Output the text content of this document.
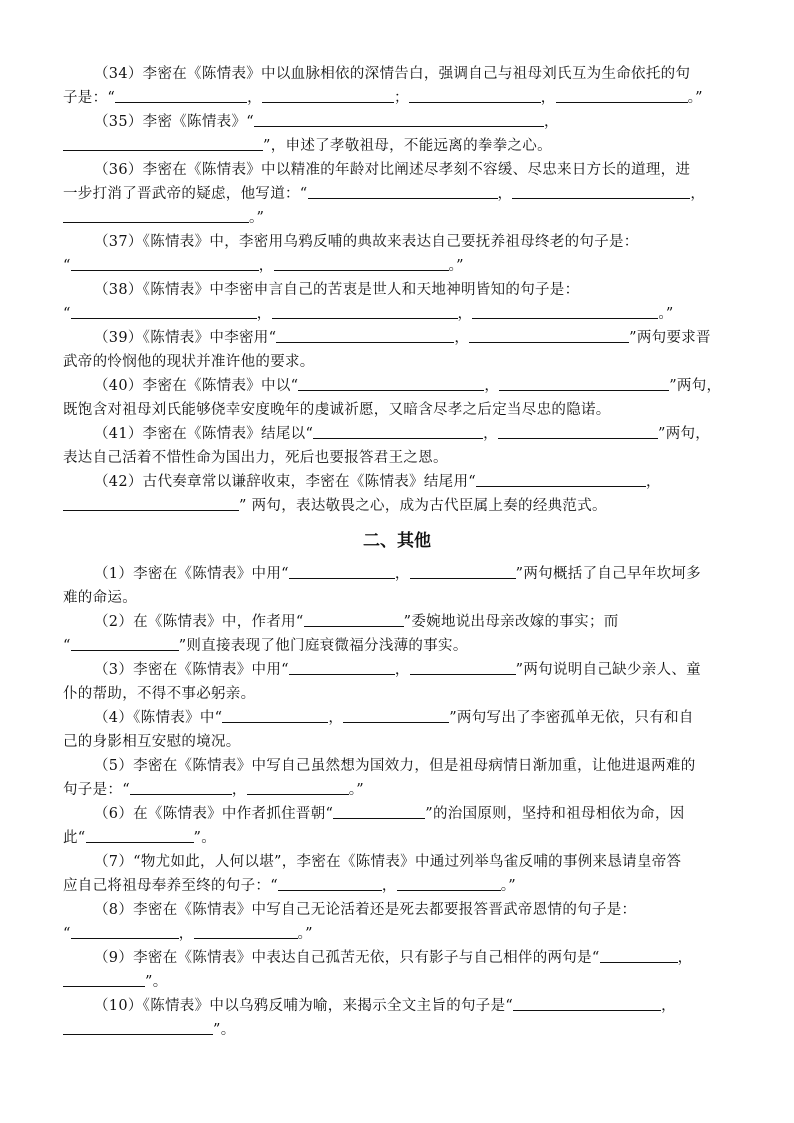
（34）李密在《陈情表》中以血脉相依的深情告白，强调自己与祖母刘氏互为生命依托的句
子是：“	，	；	，	。”
（35）李密《陈情表》“	，
”，申述了孝敬祖母，不能远离的拳拳之心。
（36）李密在《陈情表》中以精准的年龄对比阐述尽孝刻不容缓、尽忠来日方长的道理，进
一步打消了晋武帝的疑虑，他写道：“	，	，
。”
（37）《陈情表》中，李密用乌鸦反哺的典故来表达自己要抚养祖母终老的句子是：
“	，	。”
（38）《陈情表》中李密申言自己的苦衷是世人和天地神明皆知的句子是：
“	，	，	。”
（39）《陈情表》中李密用“	，	”两句要求晋
武帝的怜悯他的现状并准许他的要求。
（40）李密在《陈情表》中以“	，	”两句，
既饱含对祖母刘氏能够侥幸安度晚年的虔诚祈愿，又暗含尽孝之后定当尽忠的隐诺。
（41）李密在《陈情表》结尾以“	，	”两句，
表达自己活着不惜性命为国出力，死后也要报答君王之恩。
（42）古代奏章常以谦辞收束，李密在《陈情表》结尾用“	，
” 两句，表达敬畏之心，成为古代臣属上奏的经典范式。
二、其他
（1）李密在《陈情表》中用“	，	”两句概括了自己早年坎坷多
难的命运。
（2）在《陈情表》中，作者用“	”委婉地说出母亲改嫁的事实；而
“	”则直接表现了他门庭衰微福分浅薄的事实。
（3）李密在《陈情表》中用“	，	”两句说明自己缺少亲人、童
仆的帮助，不得不事必躬亲。
（4）《陈情表》中“	，	”两句写出了李密孤单无依，只有和自
己的身影相互安慰的境况。
（5）李密在《陈情表》中写自己虽然想为国效力，但是祖母病情日渐加重，让他进退两难的
句子是：“	，	。”
（6）在《陈情表》中作者抓住晋朝“	”的治国原则，坚持和祖母相依为命，因
此“	”。
（7）“物尤如此，人何以堪”，李密在《陈情表》中通过列举鸟雀反哺的事例来恳请皇帝答
应自己将祖母奉养至终的句子：“	，	。”
（8）李密在《陈情表》中写自己无论活着还是死去都要报答晋武帝恩情的句子是：
“	，	。”
（9）李密在《陈情表》中表达自己孤苦无依，只有影子与自己相伴的两句是“	，
”。
（10）《陈情表》中以乌鸦反哺为喻，来揭示全文主旨的句子是“	，
”。
